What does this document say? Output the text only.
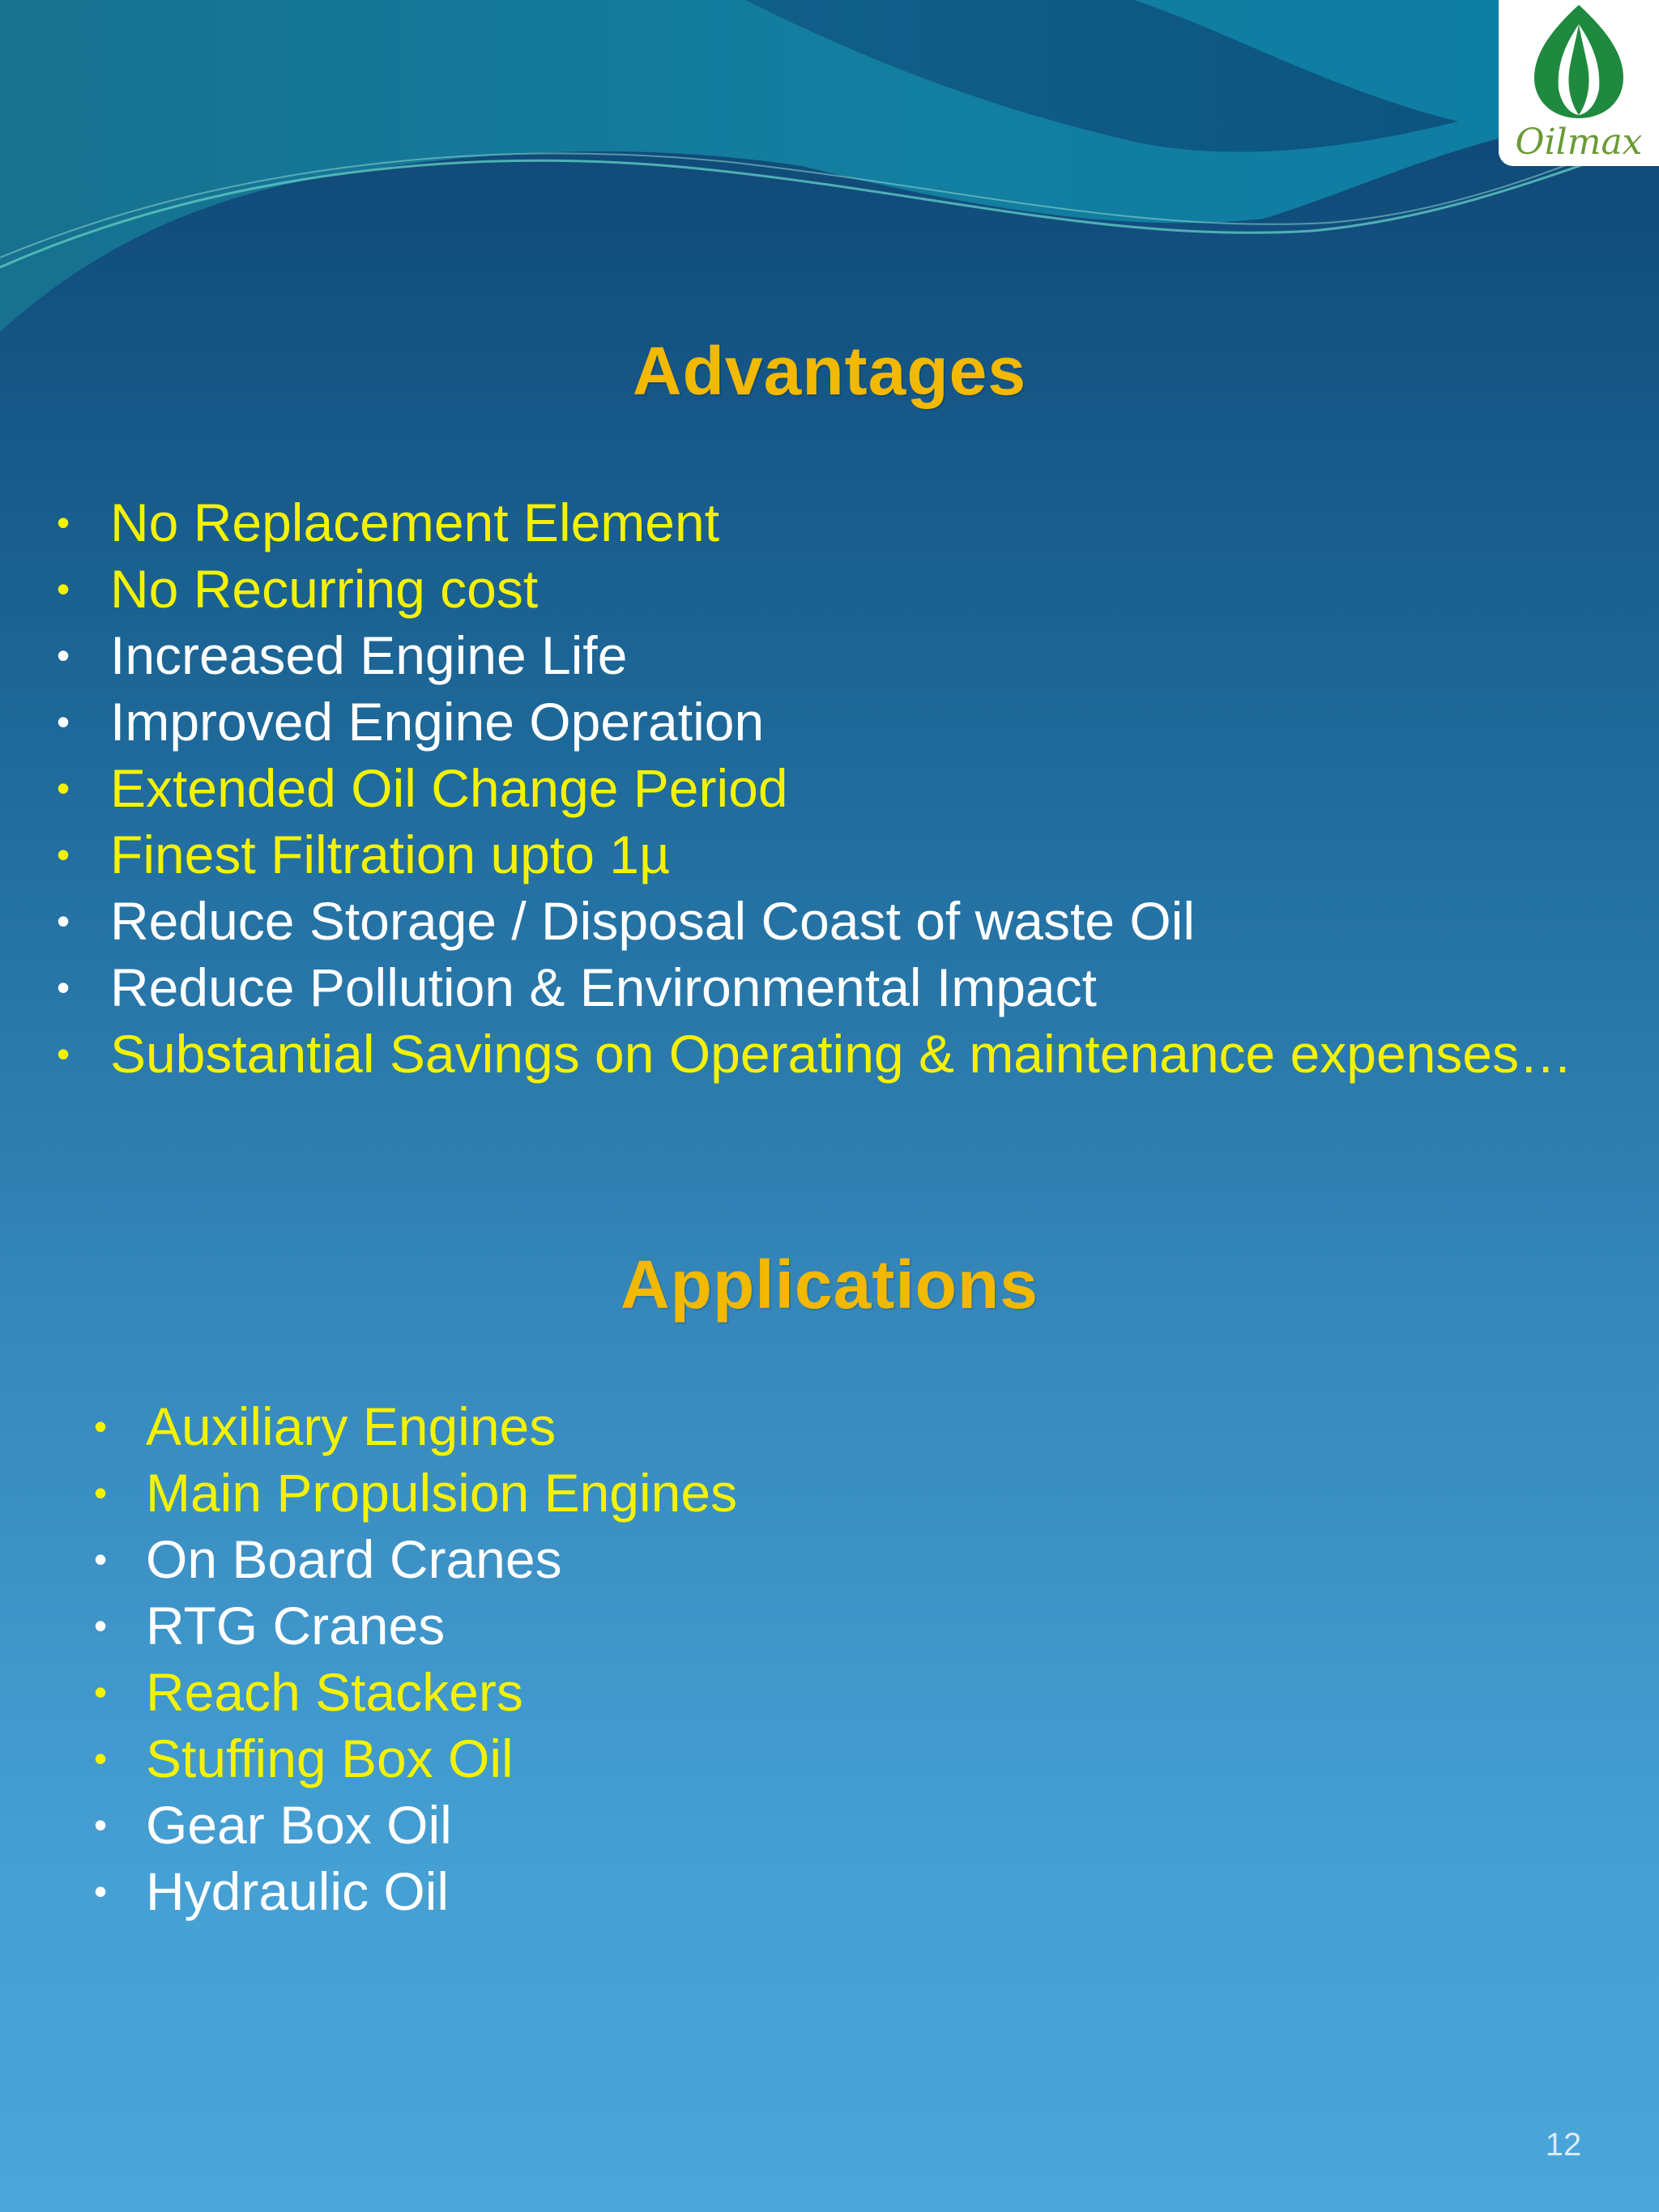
Oilmax
Advantages
• No Replacement Element
• No Recurring cost
• Increased Engine Life
• Improved Engine Operation
• Extended Oil Change Period
• Finest Filtration upto 1µ
• Reduce Storage / Disposal Coast of waste Oil
• Reduce Pollution & Environmental Impact
• Substantial Savings on Operating & maintenance expenses…
Applications
• Auxiliary Engines
• Main Propulsion Engines
• On Board Cranes
• RTG Cranes
• Reach Stackers
• Stuffing Box Oil
• Gear Box Oil
• Hydraulic Oil
12
